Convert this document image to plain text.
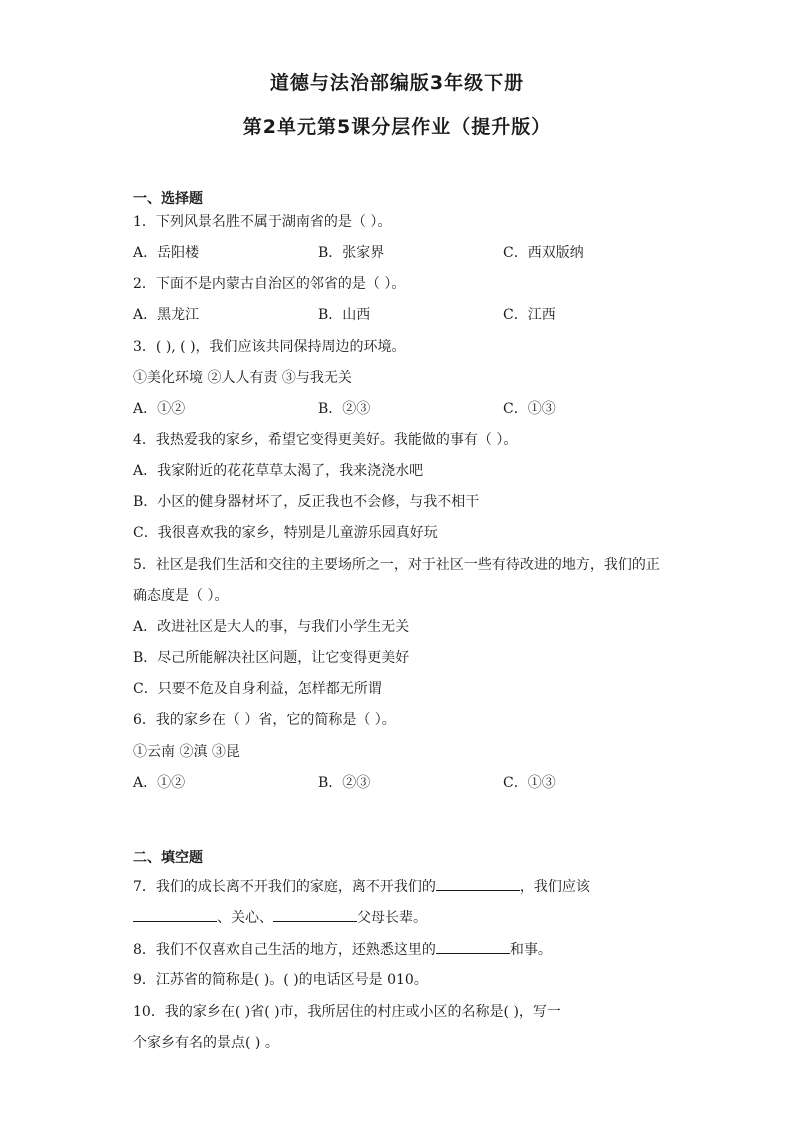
道德与法治部编版3年级下册
第2单元第5课分层作业（提升版）
一、选择题
1．下列风景名胜不属于湖南省的是（ ）。
A．岳阳楼	B．张家界	C．西双版纳
2．下面不是内蒙古自治区的邻省的是（ ）。
A．黑龙江	B．山西	C．江西
3．( ), ( )，我们应该共同保持周边的环境。
①美化环境 ②人人有责 ③与我无关
A．①②	B．②③	C．①③
4．我热爱我的家乡，希望它变得更美好。我能做的事有（ ）。
A．我家附近的花花草草太渴了，我来浇浇水吧
B．小区的健身器材坏了，反正我也不会修，与我不相干
C．我很喜欢我的家乡，特别是儿童游乐园真好玩
5．社区是我们生活和交往的主要场所之一，对于社区一些有待改进的地方，我们的正
确态度是（ ）。
A．改进社区是大人的事，与我们小学生无关
B．尽己所能解决社区问题，让它变得更美好
C．只要不危及自身利益，怎样都无所谓
6．我的家乡在（ ）省，它的简称是（ ）。
①云南 ②滇 ③昆
A．①②	B．②③	C．①③
二、填空题
7．我们的成长离不开我们的家庭，离不开我们的	，我们应该
、关心、	父母长辈。
8．我们不仅喜欢自己生活的地方，还熟悉这里的	和事。
9．江苏省的简称是( )。( )的电话区号是 010。
10．我的家乡在( )省( )市，我所居住的村庄或小区的名称是( )，写一
个家乡有名的景点( ) 。
